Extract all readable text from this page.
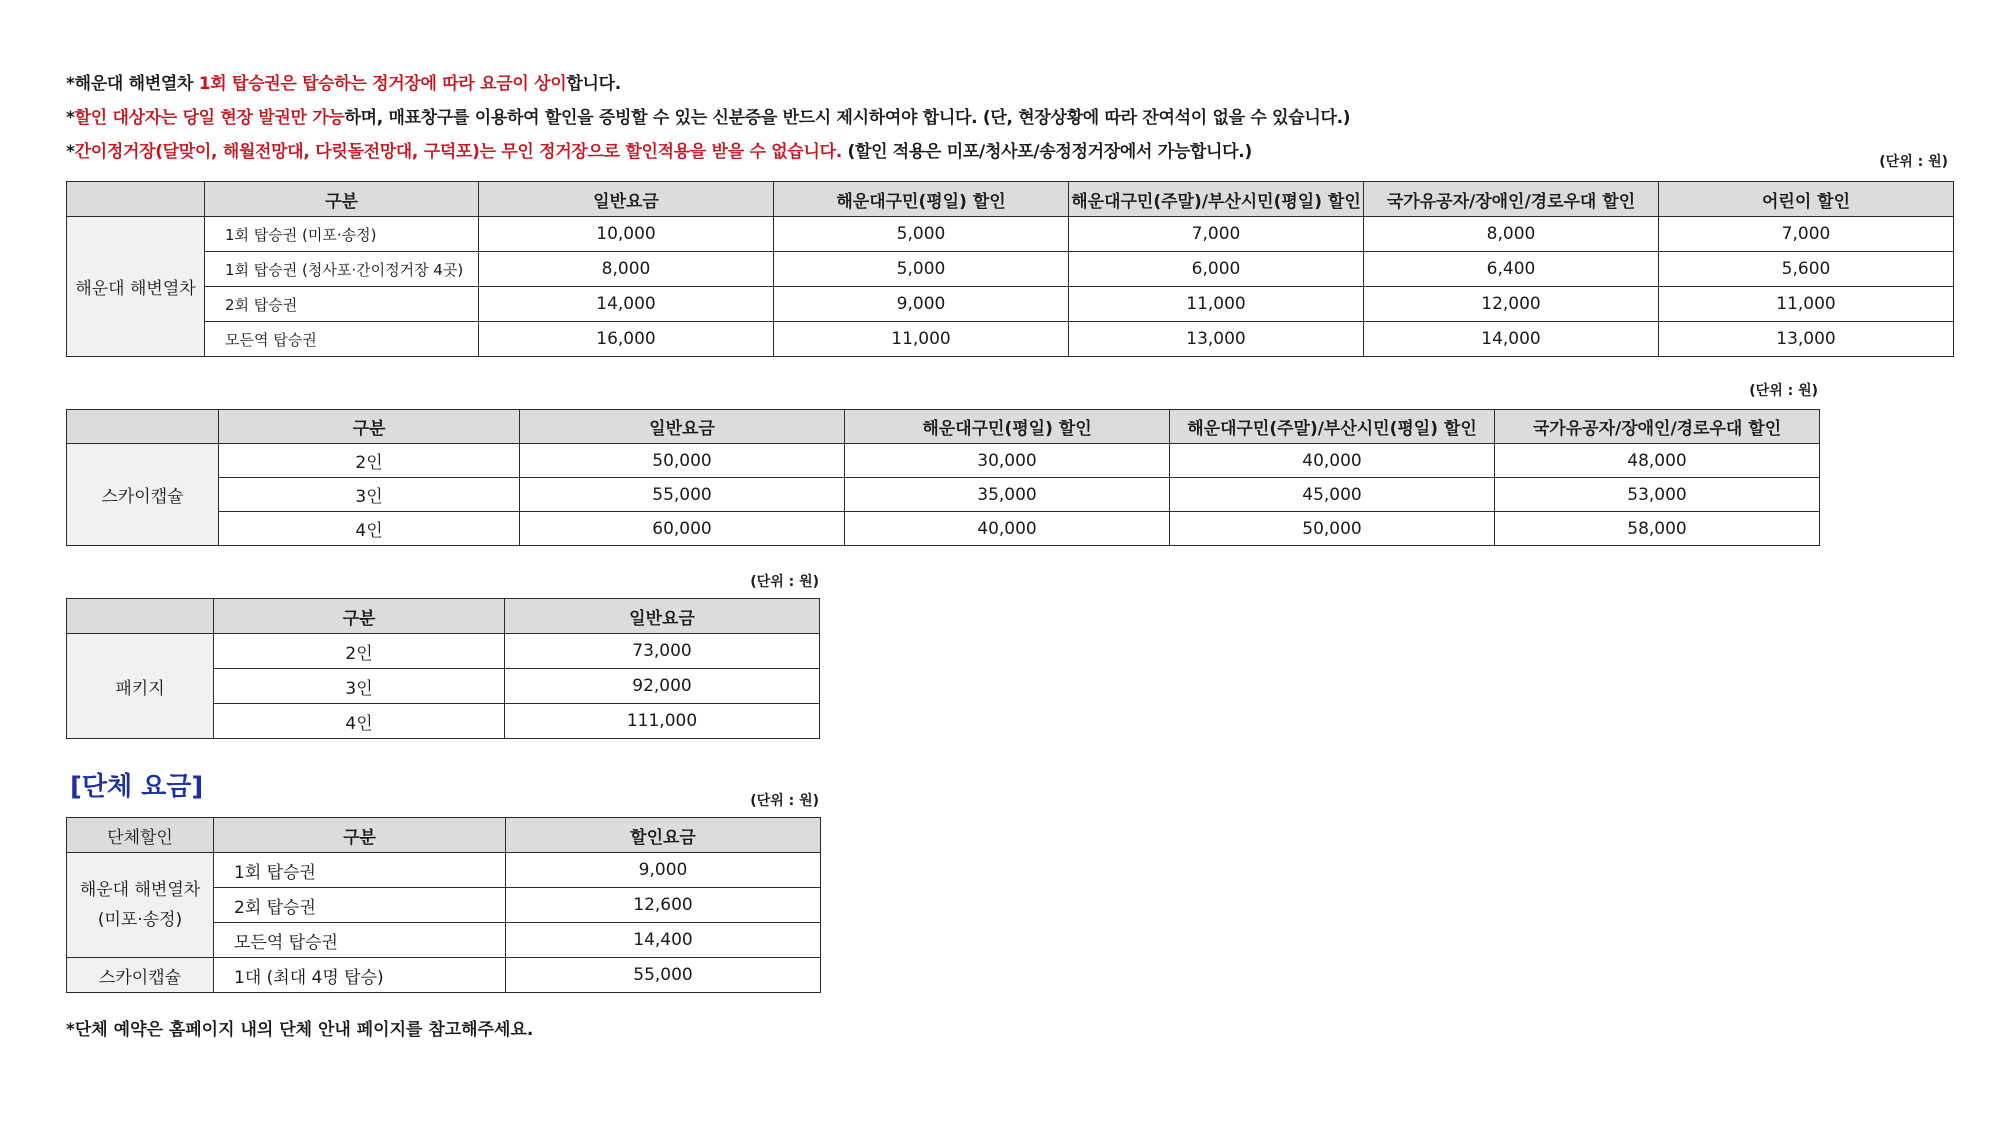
*해운대 해변열차 1회 탑승권은 탑승하는 정거장에 따라 요금이 상이합니다.
*할인 대상자는 당일 현장 발권만 가능하며, 매표창구를 이용하여 할인을 증빙할 수 있는 신분증을 반드시 제시하여야 합니다. (단, 현장상황에 따라 잔여석이 없을 수 있습니다.)
*간이정거장(달맞이, 해월전망대, 다릿돌전망대, 구덕포)는 무인 정거장으로 할인적용을 받을 수 없습니다. (할인 적용은 미포/청사포/송정정거장에서 가능합니다.)	(단위 : 원)
	구분	일반요금	해운대구민(평일) 할인	해운대구민(주말)/부산시민(평일) 할인	국가유공자/장애인/경로우대 할인	어린이 할인
해운대 해변열차	1회 탑승권 (미포·송정)	10,000	5,000	7,000	8,000	7,000
	1회 탑승권 (청사포·간이정거장 4곳)	8,000	5,000	6,000	6,400	5,600
	2회 탑승권	14,000	9,000	11,000	12,000	11,000
	모든역 탑승권	16,000	11,000	13,000	14,000	13,000
(단위 : 원)
	구분	일반요금	해운대구민(평일) 할인	해운대구민(주말)/부산시민(평일) 할인	국가유공자/장애인/경로우대 할인
스카이캡슐	2인	50,000	30,000	40,000	48,000
	3인	55,000	35,000	45,000	53,000
	4인	60,000	40,000	50,000	58,000
(단위 : 원)
	구분	일반요금
패키지	2인	73,000
	3인	92,000
	4인	111,000
[단체 요금]	(단위 : 원)
단체할인	구분	할인요금

해운대 해변열차
(미포·송정)	1회 탑승권	9,000
	2회 탑승권	12,600
	모든역 탑승권	14,400
스카이캡슐	1대 (최대 4명 탑승)	55,000
*단체 예약은 홈페이지 내의 단체 안내 페이지를 참고해주세요.
